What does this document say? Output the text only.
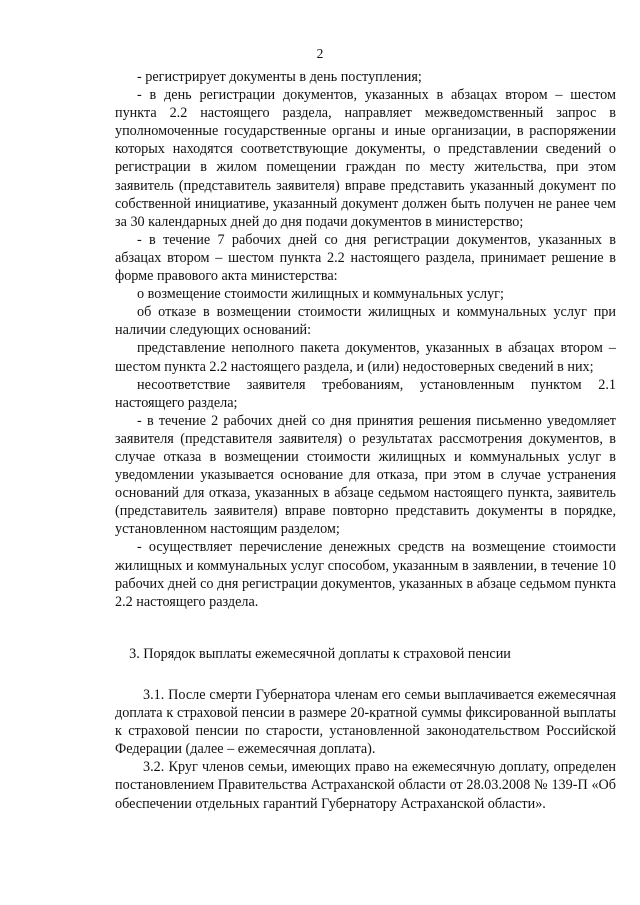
2

- регистрирует документы в день поступления;

- в день регистрации документов, указанных в абзацах втором – шестом пункта 2.2 настоящего раздела, направляет межведомственный запрос в уполномоченные государственные органы и иные организации, в распоряжении которых находятся соответствующие документы, о представлении сведений о регистрации в жилом помещении граждан по месту жительства, при этом заявитель (представитель заявителя) вправе представить указанный документ по собственной инициативе, указанный документ должен быть получен не ранее чем за 30 календарных дней до дня подачи документов в министерство;

- в течение 7 рабочих дней со дня регистрации документов, указанных в абзацах втором – шестом пункта 2.2 настоящего раздела, принимает решение в форме правового акта министерства:

о возмещение стоимости жилищных и коммунальных услуг;

об отказе в возмещении стоимости жилищных и коммунальных услуг при наличии следующих оснований:

представление неполного пакета документов, указанных в абзацах втором – шестом пункта 2.2 настоящего раздела, и (или) недостоверных сведений в них;

несоответствие заявителя требованиям, установленным пунктом 2.1 настоящего раздела;

- в течение 2 рабочих дней со дня принятия решения письменно уведомляет заявителя (представителя заявителя) о результатах рассмотрения документов, в случае отказа в возмещении стоимости жилищных и коммунальных услуг в уведомлении указывается основание для отказа, при этом в случае устранения оснований для отказа, указанных в абзаце седьмом настоящего пункта, заявитель (представитель заявителя) вправе повторно представить документы в порядке, установленном настоящим разделом;

- осуществляет перечисление денежных средств на возмещение стоимости жилищных и коммунальных услуг способом, указанным в заявлении, в течение 10 рабочих дней со дня регистрации документов, указанных в абзаце седьмом пункта 2.2 настоящего раздела.

3. Порядок выплаты ежемесячной доплаты к страховой пенсии

3.1. После смерти Губернатора членам его семьи выплачивается ежемесячная доплата к страховой пенсии в размере 20-кратной суммы фиксированной выплаты к страховой пенсии по старости, установленной законодательством Российской Федерации (далее – ежемесячная доплата).

3.2. Круг членов семьи, имеющих право на ежемесячную доплату, определен постановлением Правительства Астраханской области от 28.03.2008 № 139-П «Об обеспечении отдельных гарантий Губернатору Астраханской области».
